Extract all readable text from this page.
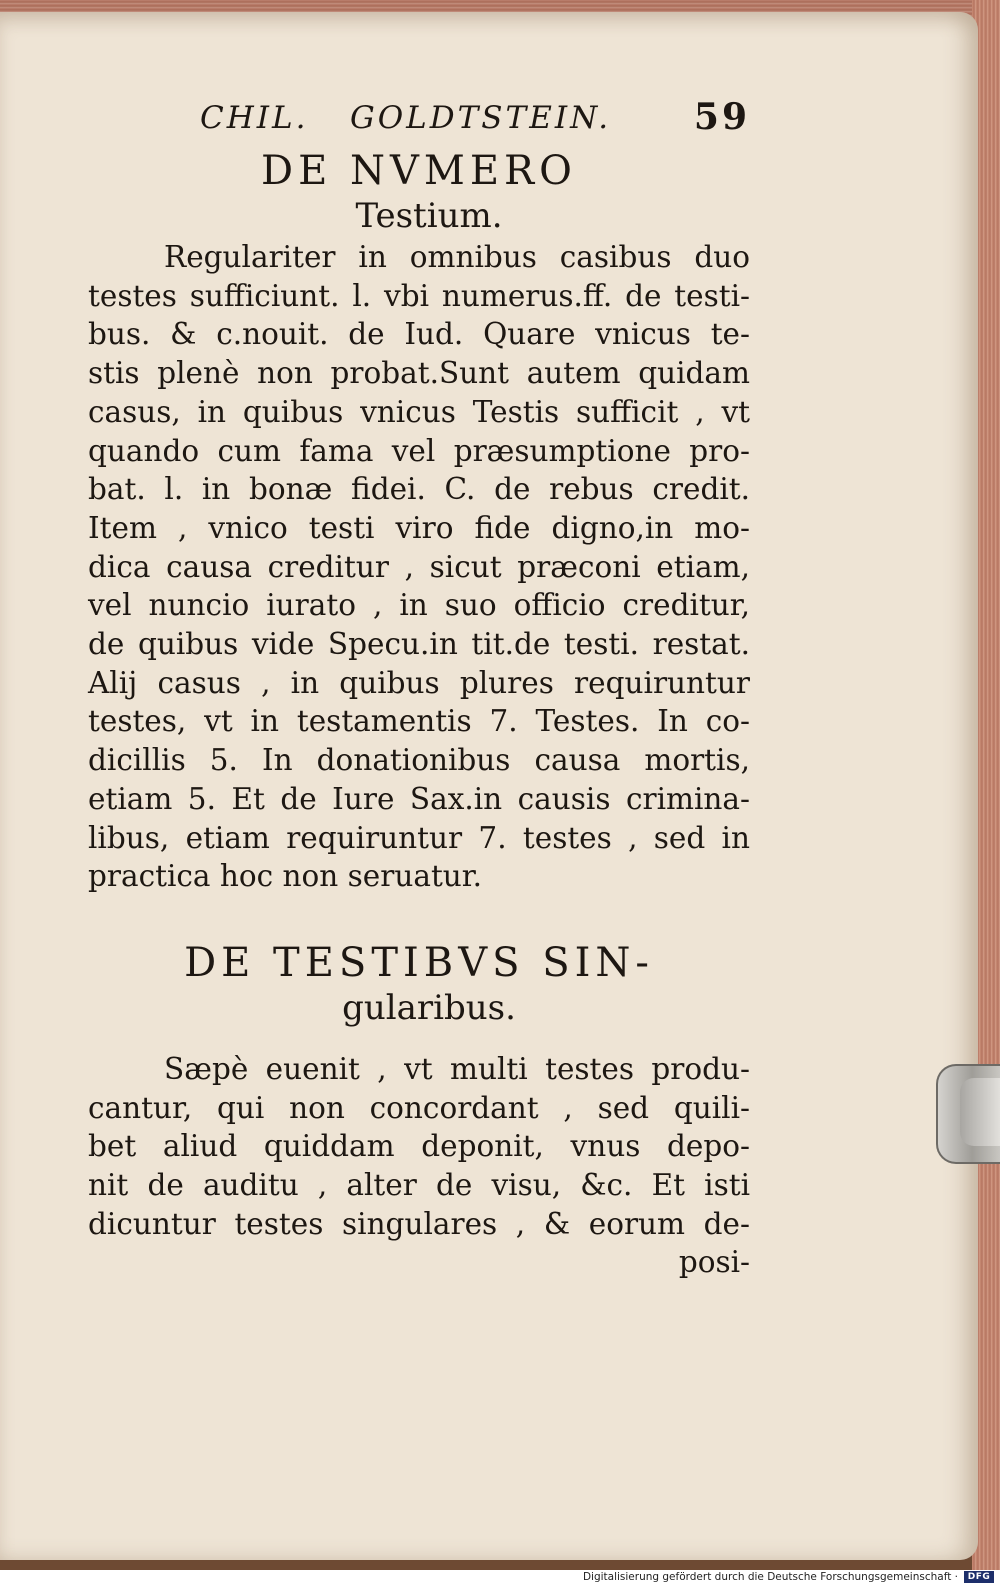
CHIL. GOLDTSTEIN. 59
DE NVMERO
Testium.
Regulariter in omnibus casibus duo
testes sufficiunt. l. vbi numerus.ff. de testi-
bus. & c.nouit. de Iud. Quare vnicus te-
stis plenè non probat.Sunt autem quidam
casus, in quibus vnicus Testis sufficit , vt
quando cum fama vel præsumptione pro-
bat. l. in bonæ fidei. C. de rebus credit.
Item , vnico testi viro fide digno,in mo-
dica causa creditur , sicut præconi etiam,
vel nuncio iurato , in suo officio creditur,
de quibus vide Specu.in tit.de testi. restat.
Alij casus , in quibus plures requiruntur
testes, vt in testamentis 7. Testes. In co-
dicillis 5. In donationibus causa mortis,
etiam 5. Et de Iure Sax.in causis crimina-
libus, etiam requiruntur 7. testes , sed in
practica hoc non seruatur.
DE TESTIBVS SIN-
gularibus.
Sæpè euenit , vt multi testes produ-
cantur, qui non concordant , sed quili-
bet aliud quiddam deponit, vnus depo-
nit de auditu , alter de visu, &c. Et isti
dicuntur testes singulares , & eorum de-
posi-
Digitalisierung gefördert durch die Deutsche Forschungsgemeinschaft ·	DFG
